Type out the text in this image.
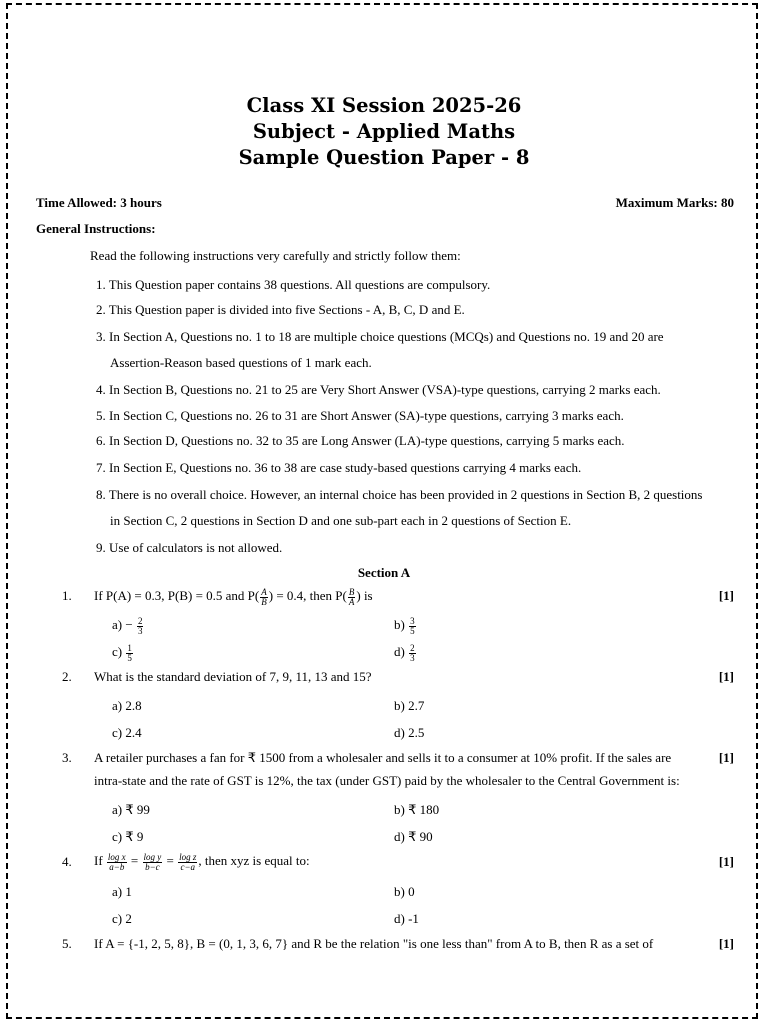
Class XI Session 2025-26
Subject - Applied Maths
Sample Question Paper - 8
Time Allowed: 3 hours	Maximum Marks: 80
General Instructions:
Read the following instructions very carefully and strictly follow them:
1. This Question paper contains 38 questions. All questions are compulsory.
2. This Question paper is divided into five Sections - A, B, C, D and E.
3. In Section A, Questions no. 1 to 18 are multiple choice questions (MCQs) and Questions no. 19 and 20 are
Assertion-Reason based questions of 1 mark each.
4. In Section B, Questions no. 21 to 25 are Very Short Answer (VSA)-type questions, carrying 2 marks each.
5. In Section C, Questions no. 26 to 31 are Short Answer (SA)-type questions, carrying 3 marks each.
6. In Section D, Questions no. 32 to 35 are Long Answer (LA)-type questions, carrying 5 marks each.
7. In Section E, Questions no. 36 to 38 are case study-based questions carrying 4 marks each.
8. There is no overall choice. However, an internal choice has been provided in 2 questions in Section B, 2 questions
in Section C, 2 questions in Section D and one sub-part each in 2 questions of Section E.
9. Use of calculators is not allowed.
Section A
1. If P(A) = 0.3, P(B) = 0.5 and $P( \frac{A}{B}$ ) = 0.4, then $P( \frac{B}{A}$ ) is	[1]
$a) - \frac{2}{3}$	$b) \frac{3}{5}$
$c) \frac{1}{5}$	$d) \frac{2}{3}$
2. What is the standard deviation of 7, 9, 11, 13 and 15?	[1]
a) 2.8	b) 2.7
c) 2.4	d) 2.5
3. A retailer purchases a fan for ₹ 1500 from a wholesaler and sells it to a consumer at 10% profit. If the sales are
intra-state and the rate of GST is 12%, the tax (under GST) paid by the wholesaler to the Central Government is:
[1]
a) ₹ 99	b) ₹ 180
c) ₹ 9	d) ₹ 90
4. If $\frac{\text{log x}}{a-b} = \frac{\text{log y}}{b-c} = \frac{\text{log z}}{c-a}$ , then xyz is equal to:	[1]
a) 1	b) 0
c) 2	d) -1
5. If A = {-1, 2, 5, 8}, B = (0, 1, 3, 6, 7} and R be the relation "is one less than" from A to B, then R as a set of	[1]
